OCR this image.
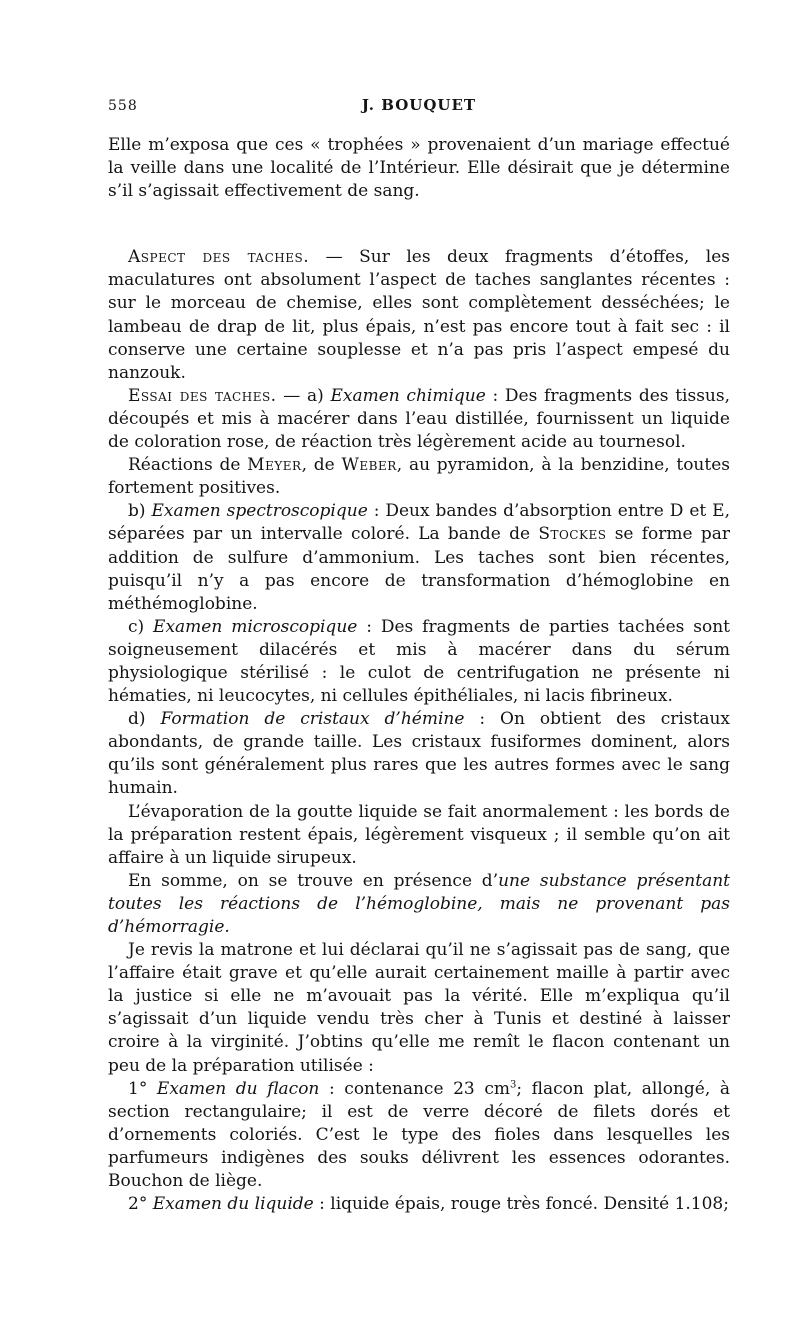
558	J. BOUQUET

Elle m’exposa que ces « trophées » provenaient d’un mariage effectué la veille dans une localité de l’Intérieur. Elle désirait que je détermine s’il s’agissait effectivement de sang.

Aspect des taches. — Sur les deux fragments d’étoffes, les maculatures ont absolument l’aspect de taches sanglantes récentes : sur le morceau de chemise, elles sont complètement desséchées; le lambeau de drap de lit, plus épais, n’est pas encore tout à fait sec : il conserve une certaine souplesse et n’a pas pris l’aspect empesé du nanzouk.

Essai des taches. — a) Examen chimique : Des fragments des tissus, découpés et mis à macérer dans l’eau distillée, fournissent un liquide de coloration rose, de réaction très légèrement acide au tournesol.

Réactions de Meyer, de Weber, au pyramidon, à la benzidine, toutes fortement positives.

b) Examen spectroscopique : Deux bandes d’absorption entre D et E, séparées par un intervalle coloré. La bande de Stockes se forme par addition de sulfure d’ammonium. Les taches sont bien récentes, puisqu’il n’y a pas encore de transformation d’hémoglobine en méthémoglobine.

c) Examen microscopique : Des fragments de parties tachées sont soigneusement dilacérés et mis à macérer dans du sérum physiologique stérilisé : le culot de centrifugation ne présente ni hématies, ni leucocytes, ni cellules épithéliales, ni lacis fibrineux.

d) Formation de cristaux d’hémine : On obtient des cristaux abondants, de grande taille. Les cristaux fusiformes dominent, alors qu’ils sont généralement plus rares que les autres formes avec le sang humain.

L’évaporation de la goutte liquide se fait anormalement : les bords de la préparation restent épais, légèrement visqueux ; il semble qu’on ait affaire à un liquide sirupeux.

En somme, on se trouve en présence d’une substance présentant toutes les réactions de l’hémoglobine, mais ne provenant pas d’hémorragie.

Je revis la matrone et lui déclarai qu’il ne s’agissait pas de sang, que l’affaire était grave et qu’elle aurait certainement maille à partir avec la justice si elle ne m’avouait pas la vérité. Elle m’expliqua qu’il s’agissait d’un liquide vendu très cher à Tunis et destiné à laisser croire à la virginité. J’obtins qu’elle me remît le flacon contenant un peu de la préparation utilisée :

1° Examen du flacon : contenance 23 $cm^3$; flacon plat, allongé, à section rectangulaire; il est de verre décoré de filets dorés et d’ornements coloriés. C’est le type des fioles dans lesquelles les parfumeurs indigènes des souks délivrent les essences odorantes. Bouchon de liège.

2° Examen du liquide : liquide épais, rouge très foncé. Densité 1.108;
